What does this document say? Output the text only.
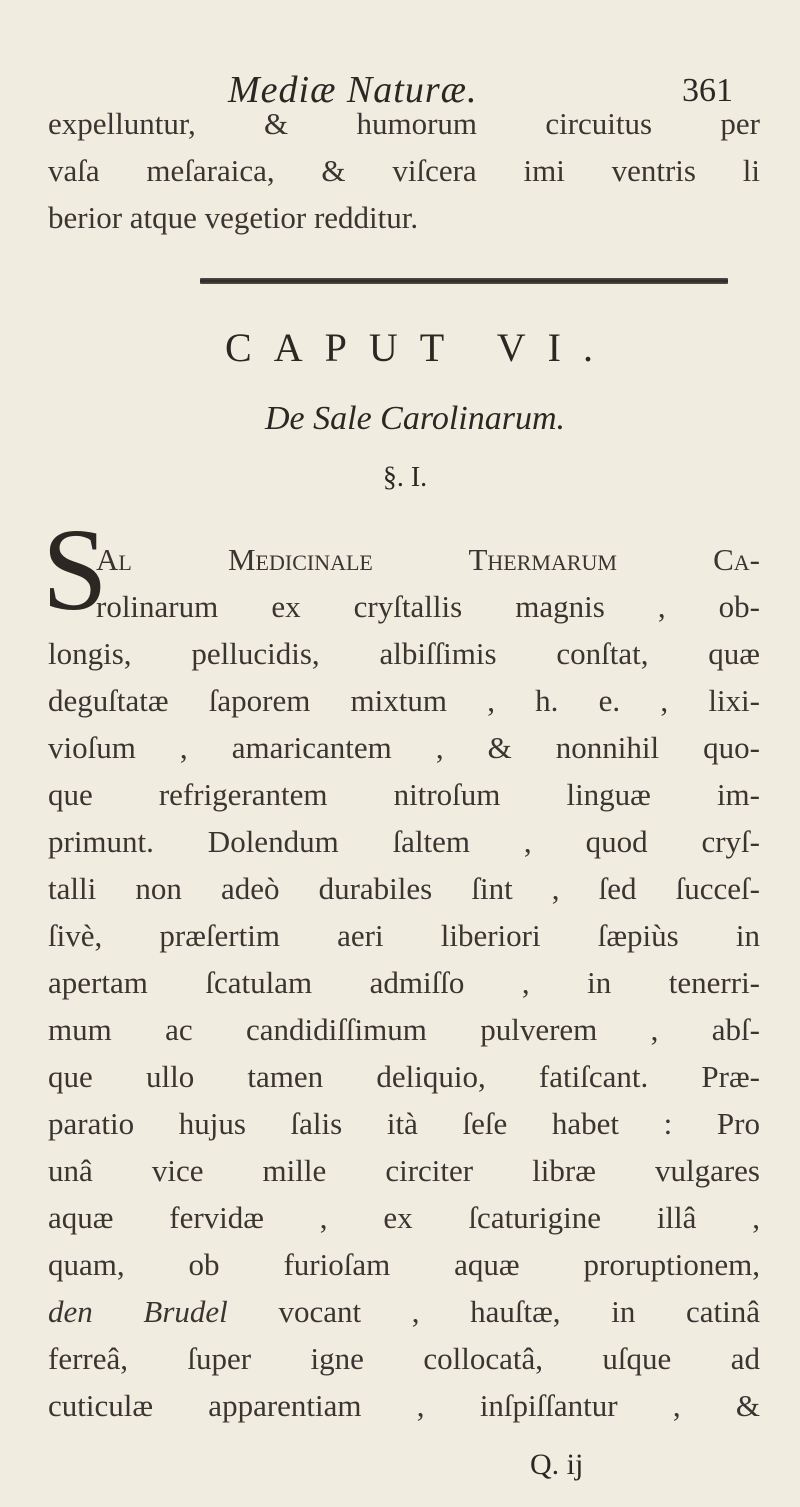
Mediæ Naturæ.	361
expelluntur, & humorum circuitus per
vaſa meſaraica, & viſcera imi ventris li
berior atque vegetior redditur.
CAPUT VI.
De Sale Carolinarum.
§. I.
S
Al Medicinale Thermarum Ca-
rolinarum ex cryſtallis magnis , ob-
longis, pellucidis, albiſſimis conſtat, quæ
deguſtatæ ſaporem mixtum , h. e. , lixi-
vioſum , amaricantem , & nonnihil quo-
que refrigerantem nitroſum linguæ im-
primunt. Dolendum ſaltem , quod cryſ-
talli non adeò durabiles ſint , ſed ſucceſ-
ſivè, præſertim aeri liberiori ſæpiùs in
apertam ſcatulam admiſſo , in tenerri-
mum ac candidiſſimum pulverem , abſ-
que ullo tamen deliquio, fatiſcant. Præ-
paratio hujus ſalis ità ſeſe habet : Pro
unâ vice mille circiter libræ vulgares
aquæ fervidæ , ex ſcaturigine illâ ,
quam, ob furioſam aquæ proruptionem,
den Brudel vocant , hauſtæ, in catinâ
ferreâ, ſuper igne collocatâ, uſque ad
cuticulæ apparentiam , inſpiſſantur , &
Q. ij
